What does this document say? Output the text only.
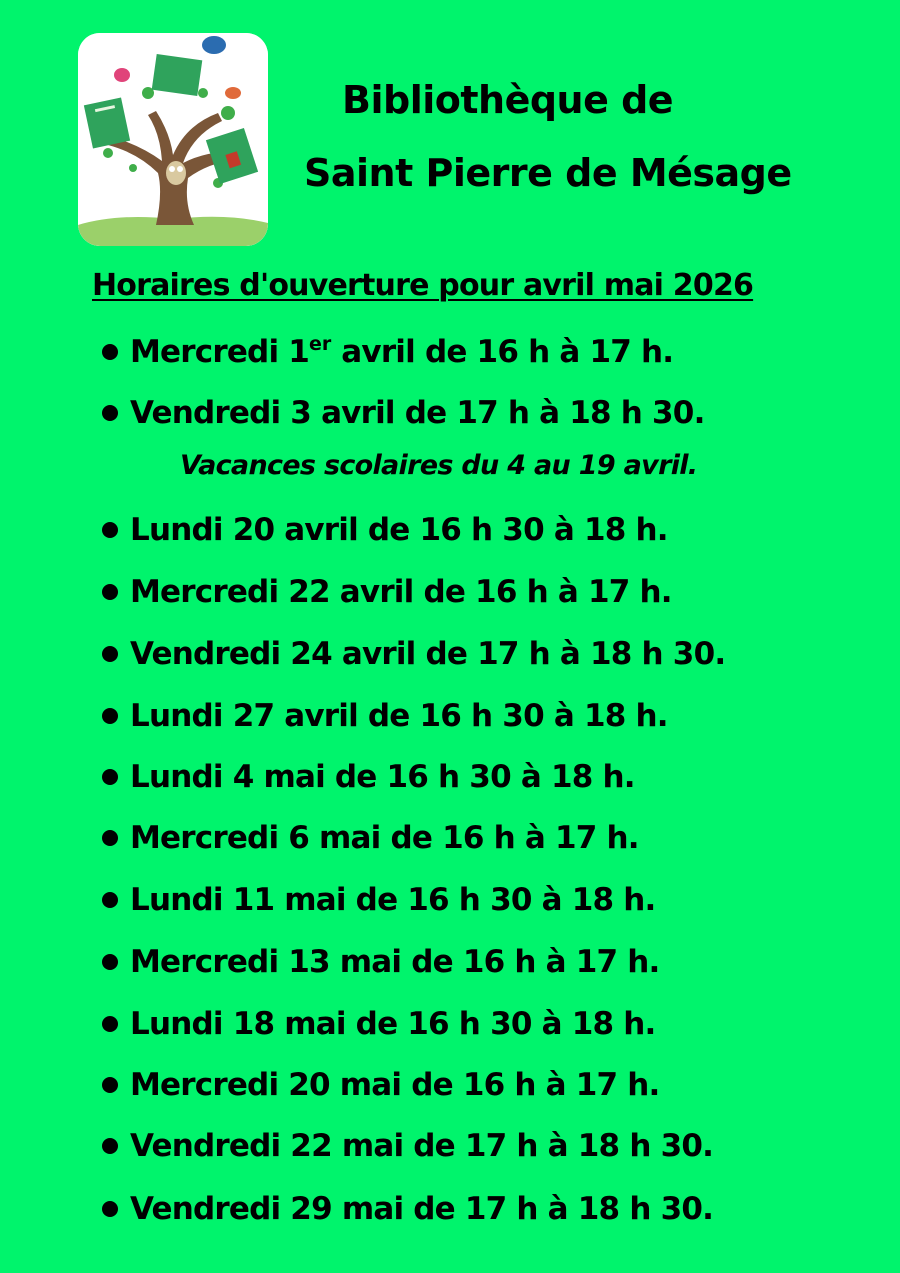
Bibliothèque de
Saint Pierre de Mésage
Horaires d'ouverture pour avril mai 2026
Mercredi 1er avril de 16 h à 17 h.
Vendredi 3 avril de 17 h à 18 h 30.
Lundi 20 avril de 16 h 30 à 18 h.
Mercredi 22 avril de 16 h à 17 h.
Vendredi 24 avril de 17 h à 18 h 30.
Lundi 27 avril de 16 h 30 à 18 h.
Lundi 4 mai de 16 h 30 à 18 h.
Mercredi 6 mai de 16 h à 17 h.
Lundi 11 mai de 16 h 30 à 18 h.
Mercredi 13 mai de 16 h à 17 h.
Lundi 18 mai de 16 h 30 à 18 h.
Mercredi 20 mai de 16 h à 17 h.
Vendredi 22 mai de 17 h à 18 h 30.
Vendredi 29 mai de 17 h à 18 h 30.
Vacances scolaires du 4 au 19 avril.
